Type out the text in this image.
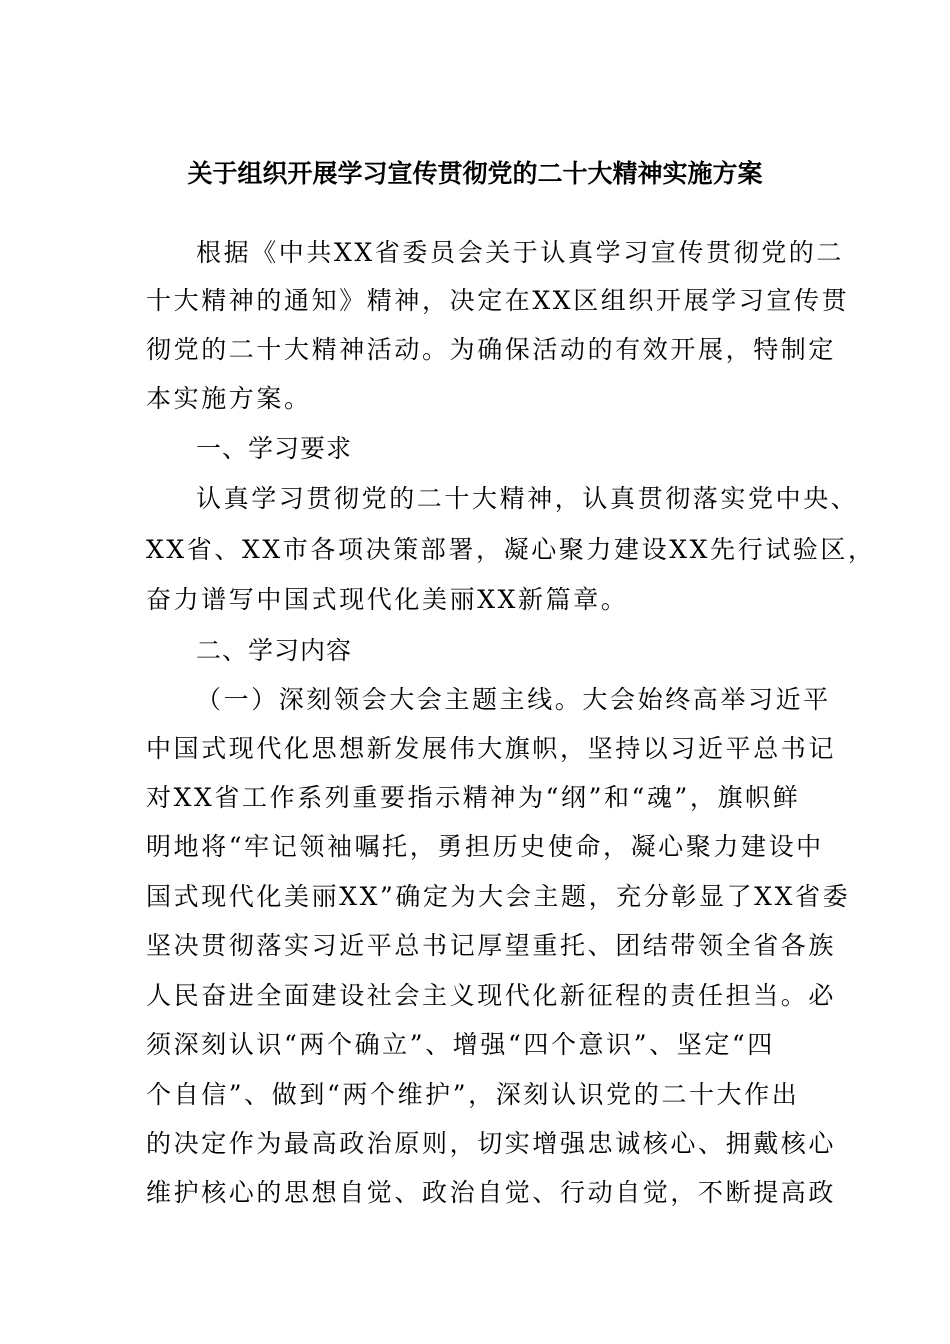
关于组织开展学习宣传贯彻党的二十大精神实施方案
根据《中共XX省委员会关于认真学习宣传贯彻党的二
十大精神的通知》精神，决定在XX区组织开展学习宣传贯
彻党的二十大精神活动。为确保活动的有效开展，特制定
本实施方案。
一、学习要求
认真学习贯彻党的二十大精神，认真贯彻落实党中央、
XX省、XX市各项决策部署，凝心聚力建设XX先行试验区，
奋力谱写中国式现代化美丽XX新篇章。
二、学习内容
（一）深刻领会大会主题主线。大会始终高举习近平
中国式现代化思想新发展伟大旗帜，坚持以习近平总书记
对XX省工作系列重要指示精神为“纲”和“魂”，旗帜鲜
明地将“牢记领袖嘱托，勇担历史使命，凝心聚力建设中
国式现代化美丽XX”确定为大会主题，充分彰显了XX省委
坚决贯彻落实习近平总书记厚望重托、团结带领全省各族
人民奋进全面建设社会主义现代化新征程的责任担当。必
须深刻认识“两个确立”、增强“四个意识”、坚定“四
个自信”、做到“两个维护”，深刻认识党的二十大作出
的决定作为最高政治原则，切实增强忠诚核心、拥戴核心
维护核心的思想自觉、政治自觉、行动自觉，不断提高政
